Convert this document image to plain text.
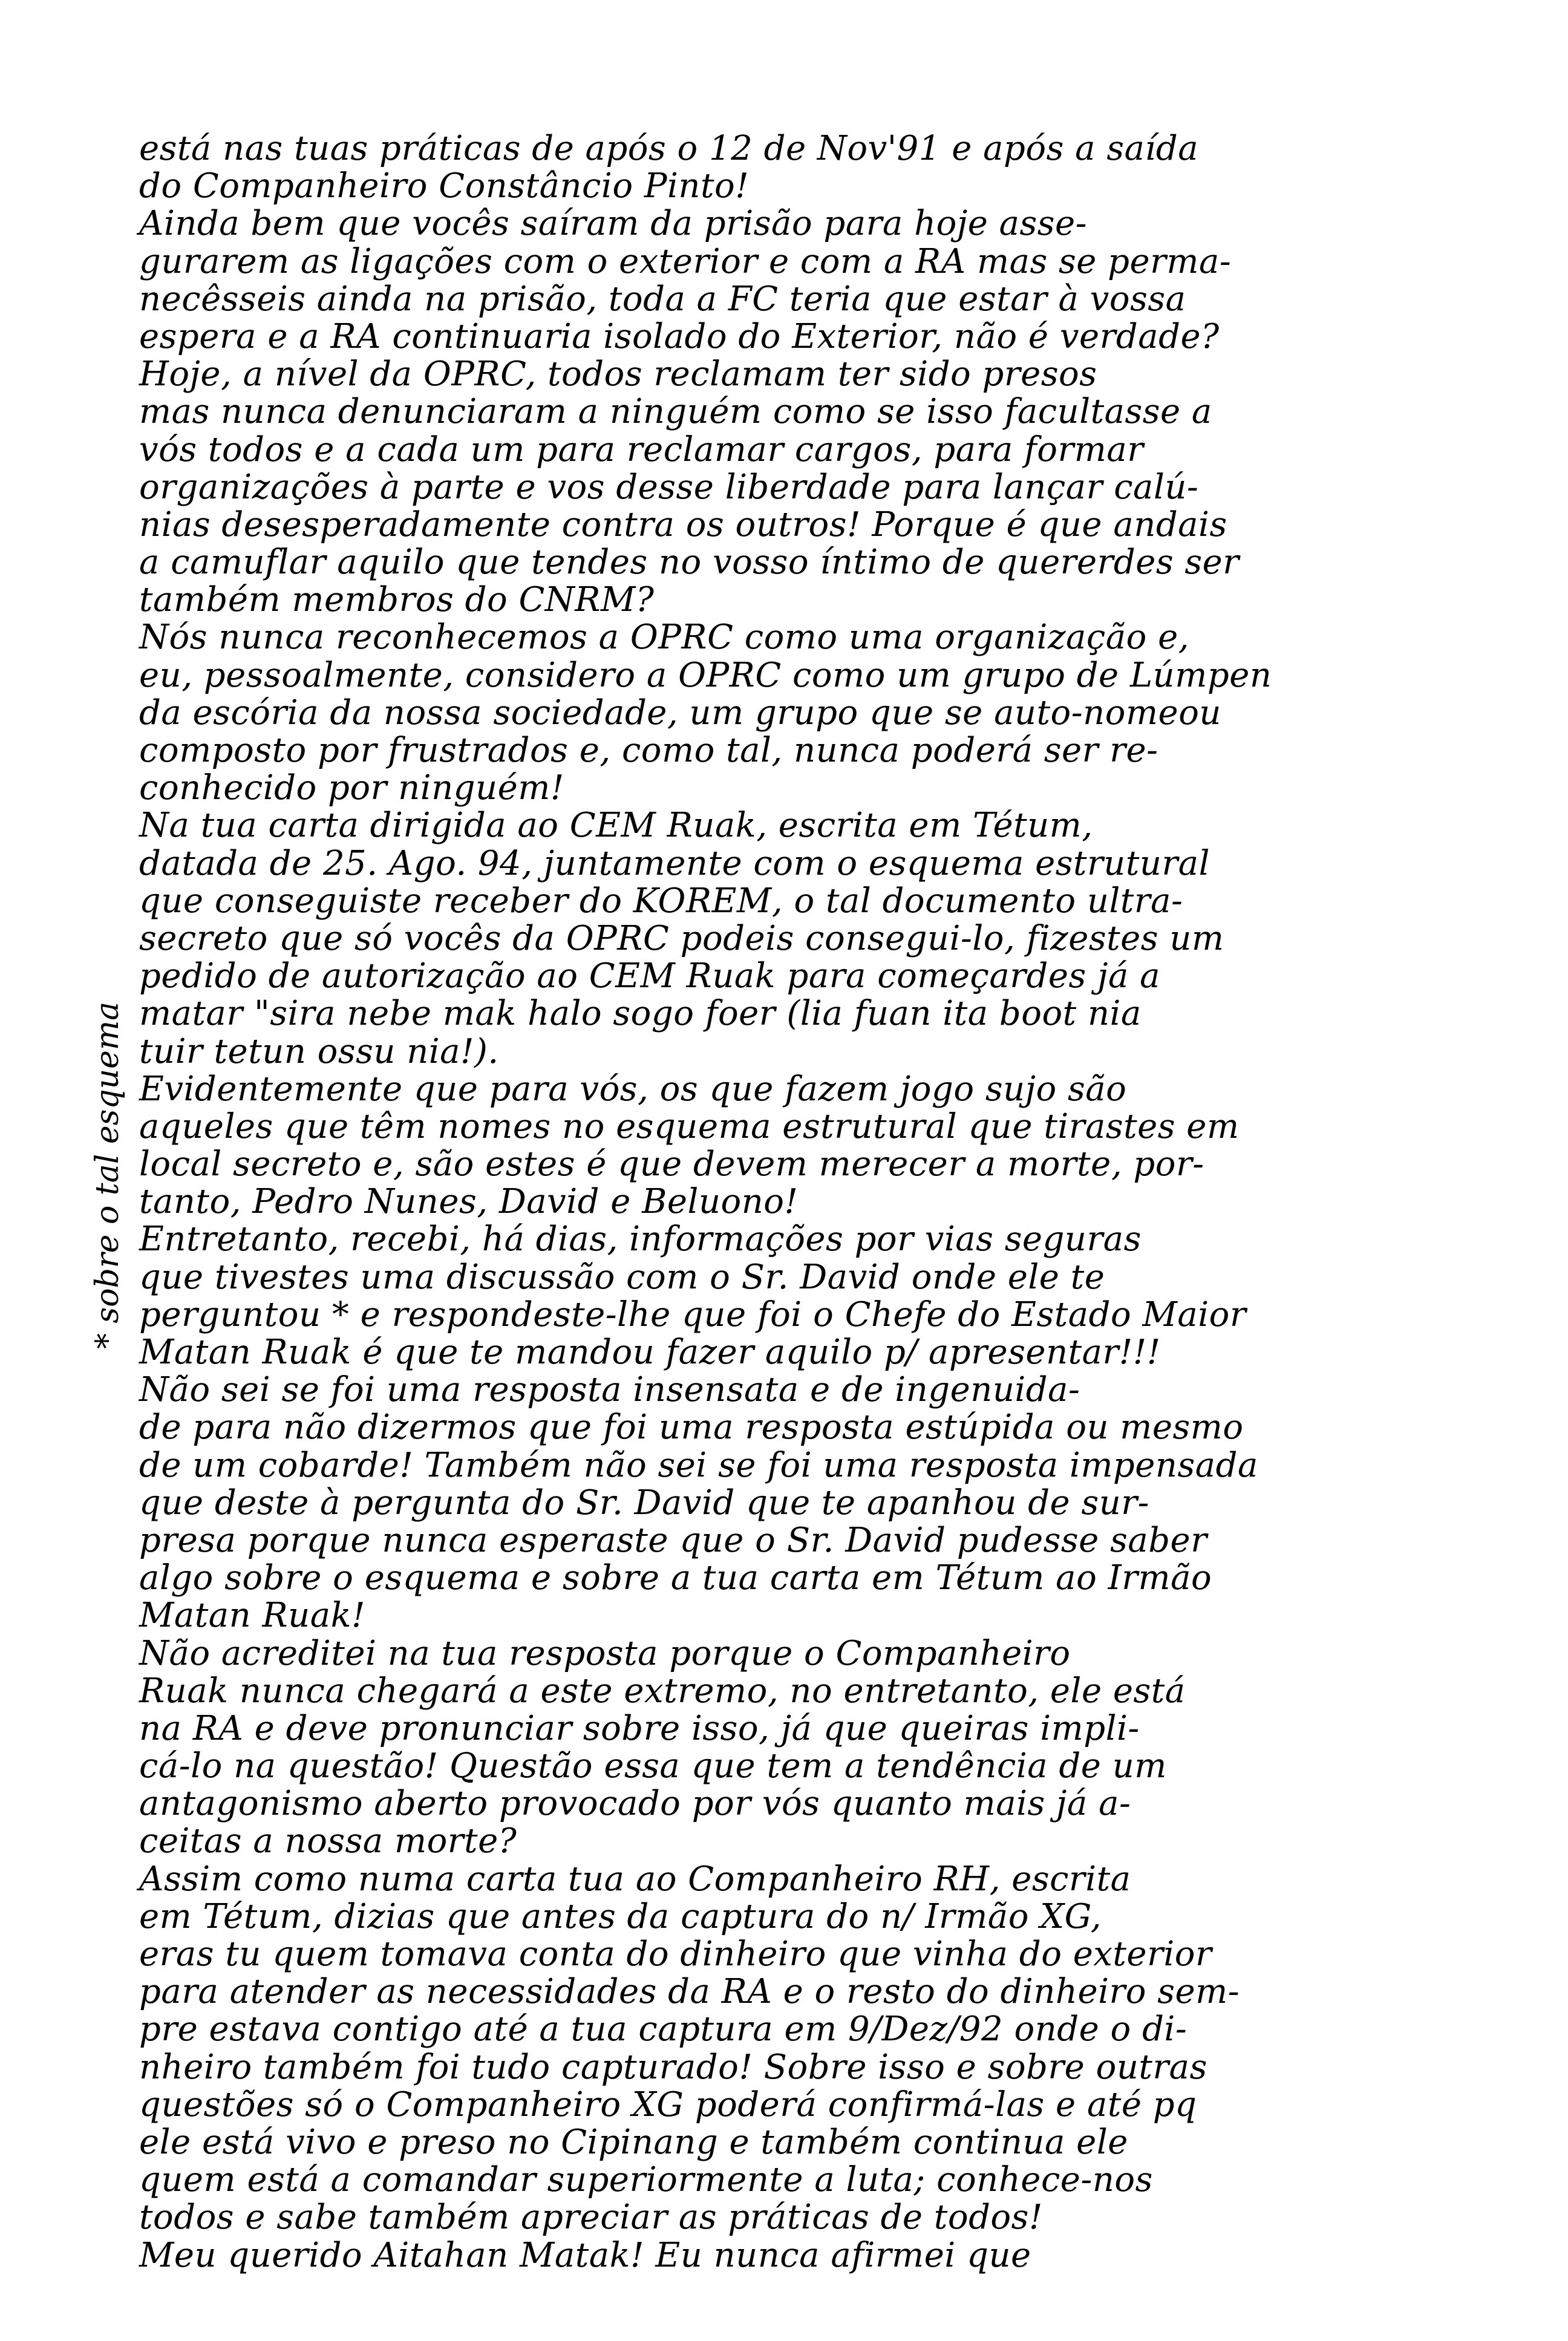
* sobre o tal esquema
está nas tuas práticas de após o 12 de Nov'91 e após a saída
do Companheiro Constâncio Pinto!
Ainda bem que vocês saíram da prisão para hoje asse-
gurarem as ligações com o exterior e com a RA mas se perma-
necêsseis ainda na prisão, toda a FC teria que estar à vossa
espera e a RA continuaria isolado do Exterior, não é verdade?
Hoje, a nível da OPRC, todos reclamam ter sido presos
mas nunca denunciaram a ninguém como se isso facultasse a
vós todos e a cada um para reclamar cargos, para formar
organizações à parte e vos desse liberdade para lançar calú-
nias desesperadamente contra os outros! Porque é que andais
a camuflar aquilo que tendes no vosso íntimo de quererdes ser
também membros do CNRM?
Nós nunca reconhecemos a OPRC como uma organização e,
eu, pessoalmente, considero a OPRC como um grupo de Lúmpen
da escória da nossa sociedade, um grupo que se auto-nomeou
composto por frustrados e, como tal, nunca poderá ser re-
conhecido por ninguém!
Na tua carta dirigida ao CEM Ruak, escrita em Tétum,
datada de 25. Ago. 94, juntamente com o esquema estrutural
que conseguiste receber do KOREM, o tal documento ultra-
secreto que só vocês da OPRC podeis consegui-lo, fizestes um
pedido de autorização ao CEM Ruak para começardes já a
matar "sira nebe mak halo sogo foer (lia fuan ita boot nia
tuir tetun ossu nia!).
Evidentemente que para vós, os que fazem jogo sujo são
aqueles que têm nomes no esquema estrutural que tirastes em
local secreto e, são estes é que devem merecer a morte, por-
tanto, Pedro Nunes, David e Beluono!
Entretanto, recebi, há dias, informações por vias seguras
que tivestes uma discussão com o Sr. David onde ele te
perguntou * e respondeste-lhe que foi o Chefe do Estado Maior
Matan Ruak é que te mandou fazer aquilo p/ apresentar!!!
Não sei se foi uma resposta insensata e de ingenuida-
de para não dizermos que foi uma resposta estúpida ou mesmo
de um cobarde! Também não sei se foi uma resposta impensada
que deste à pergunta do Sr. David que te apanhou de sur-
presa porque nunca esperaste que o Sr. David pudesse saber
algo sobre o esquema e sobre a tua carta em Tétum ao Irmão
Matan Ruak!
Não acreditei na tua resposta porque o Companheiro
Ruak nunca chegará a este extremo, no entretanto, ele está
na RA e deve pronunciar sobre isso, já que queiras impli-
cá-lo na questão! Questão essa que tem a tendência de um
antagonismo aberto provocado por vós quanto mais já a-
ceitas a nossa morte?
Assim como numa carta tua ao Companheiro RH, escrita
em Tétum, dizias que antes da captura do n/ Irmão XG,
eras tu quem tomava conta do dinheiro que vinha do exterior
para atender as necessidades da RA e o resto do dinheiro sem-
pre estava contigo até a tua captura em 9/Dez/92 onde o di-
nheiro também foi tudo capturado! Sobre isso e sobre outras
questões só o Companheiro XG poderá confirmá-las e até pq
ele está vivo e preso no Cipinang e também continua ele
quem está a comandar superiormente a luta; conhece-nos
todos e sabe também apreciar as práticas de todos!
Meu querido Aitahan Matak! Eu nunca afirmei que
